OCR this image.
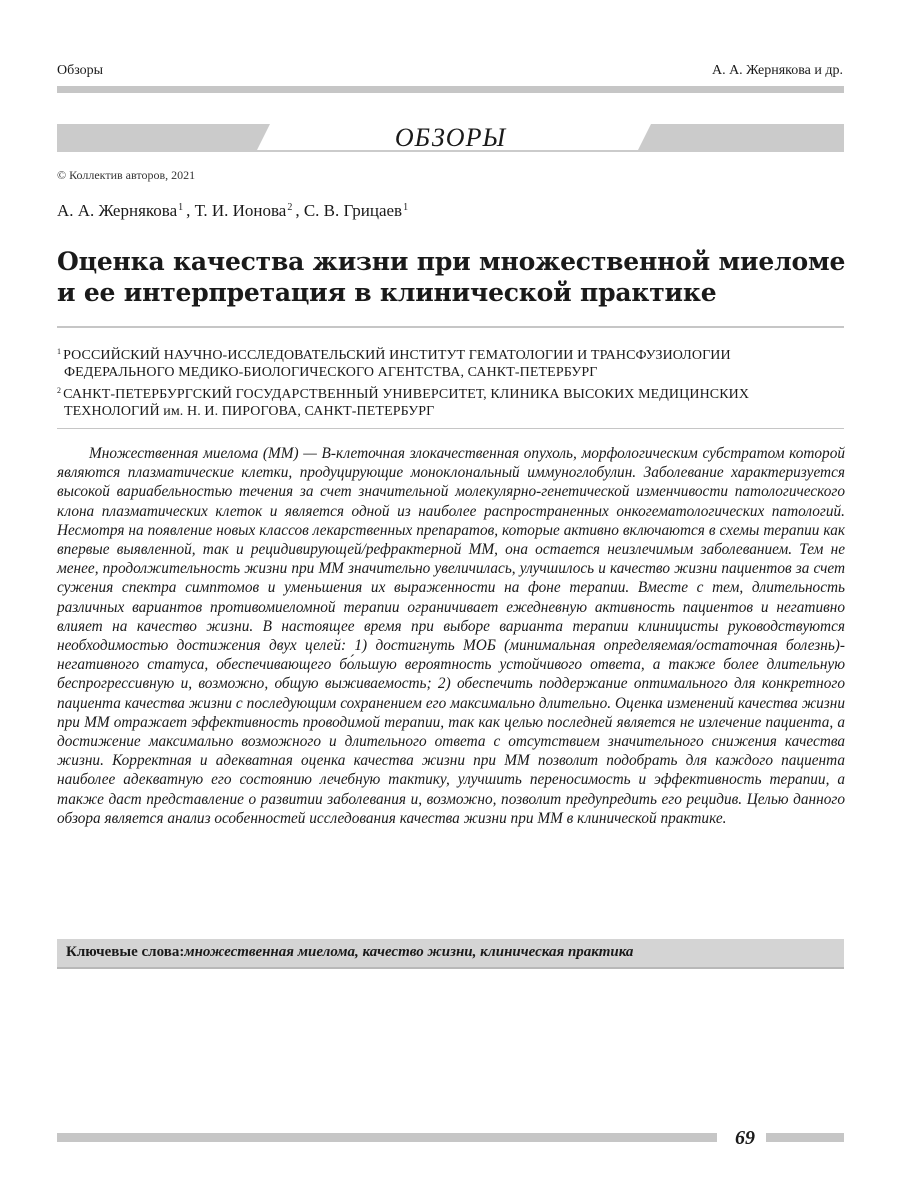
Обзоры	А. А. Жернякова и др.
ОБЗОРЫ
© Коллектив авторов, 2021
А. А. Жернякова$^1$ , Т. И. Ионова$^2$ , С. В. Грицаев$^1$
Оценка качества жизни при множественной миеломе
и ее интерпретация в клинической практике
$^1$ РОССИЙСКИЙ НАУЧНО-ИССЛЕДОВАТЕЛЬСКИЙ ИНСТИТУТ ГЕМАТОЛОГИИ И ТРАНСФУЗИОЛОГИИ ФЕДЕРАЛЬНОГО МЕДИКО-БИОЛОГИЧЕСКОГО АГЕНТСТВА, САНКТ-ПЕТЕРБУРГ
$^2$ САНКТ-ПЕТЕРБУРГСКИЙ ГОСУДАРСТВЕННЫЙ УНИВЕРСИТЕТ, КЛИНИКА ВЫСОКИХ МЕДИЦИНСКИХ ТЕХНОЛОГИЙ им. Н. И. ПИРОГОВА, САНКТ-ПЕТЕРБУРГ

Множественная миелома (ММ) — В-клеточная злокачественная опухоль, морфологическим субстратом которой являются плазматические клетки, продуцирующие моноклональный иммуноглобулин. Заболевание характеризуется высокой вариабельностью течения за счет значительной молекулярно-генетической изменчивости патологического клона плазматических клеток и является одной из наиболее распространенных онкогематологических патологий. Несмотря на появление новых классов лекарственных препаратов, которые активно включаются в схемы терапии как впервые выявленной, так и рецидивирующей/рефрактерной ММ, она остается неизлечимым заболеванием. Тем не менее, продолжительность жизни при ММ значительно увеличилась, улучшилось и качество жизни пациентов за счет сужения спектра симптомов и уменьшения их выраженности на фоне терапии. Вместе с тем, длительность различных вариантов противомиеломной терапии ограничивает ежедневную активность пациентов и негативно влияет на качество жизни. В настоящее время при выборе варианта терапии клиницисты руководствуются необходимостью достижения двух целей: 1) достигнуть МОБ (минимальная определяемая/остаточная болезнь)-негативного статуса, обеспечивающего бо́льшую вероятность устойчивого ответа, а также более длительную беспрогрессивную и, возможно, общую выживаемость; 2) обеспечить поддержание оптимального для конкретного пациента качества жизни с последующим сохранением его максимально длительно. Оценка изменений качества жизни при ММ отражает эффективность проводимой терапии, так как целью последней является не излечение пациента, а достижение максимально возможного и длительного ответа с отсутствием значительного снижения качества жизни. Корректная и адекватная оценка качества жизни при ММ позволит подобрать для каждого пациента наиболее адекватную его состоянию лечебную тактику, улучшить переносимость и эффективность терапии, а также даст представление о развитии заболевания и, возможно, позволит предупредить его рецидив. Целью данного обзора является анализ особенностей исследования качества жизни при ММ в клинической практике.

Ключевые слова:множественная миелома, качество жизни, клиническая практика
69
